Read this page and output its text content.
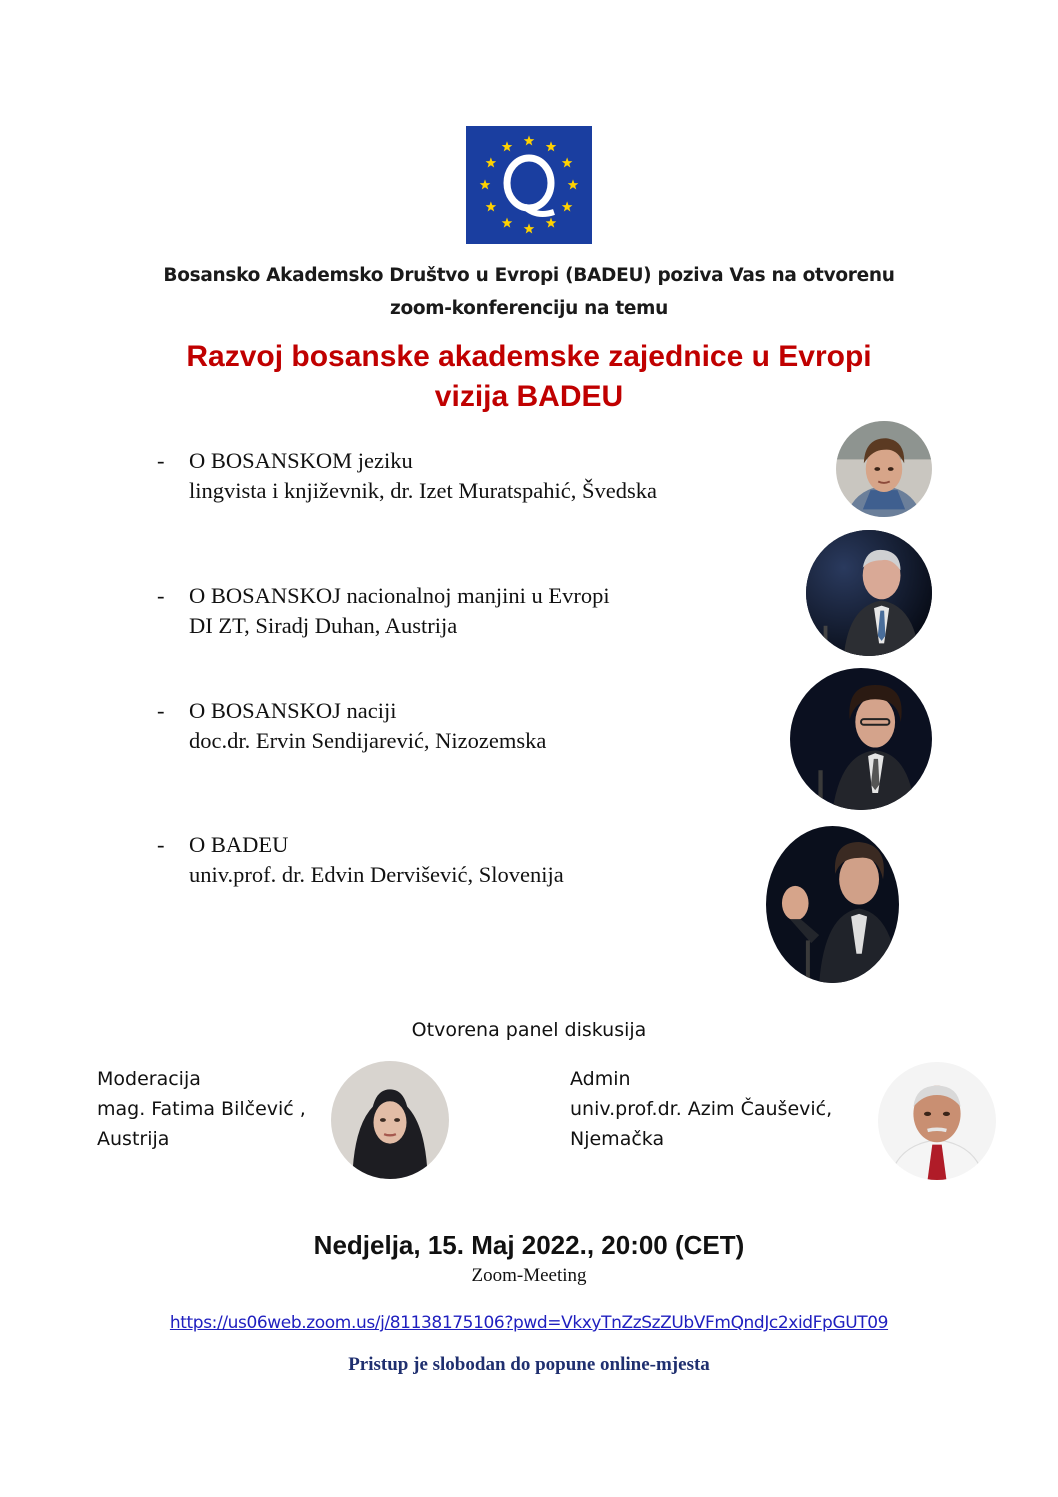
Bosansko Akademsko Društvo u Evropi (BADEU) poziva Vas na otvorenu
zoom-konferenciju na temu
Razvoj bosanske akademske zajednice u Evropi
vizija BADEU
- O BOSANSKOM jeziku
lingvista i književnik, dr. Izet Muratspahić, Švedska
- O BOSANSKOJ nacionalnoj manjini u Evropi
DI ZT, Siradj Duhan, Austrija
- O BOSANSKOJ naciji
doc.dr. Ervin Sendijarević, Nizozemska
- O BADEU
univ.prof. dr. Edvin Dervišević, Slovenija
Otvorena panel diskusija
Moderacija
mag. Fatima Bilčević ,
Austrija
Admin
univ.prof.dr. Azim Čaušević,
Njemačka
Nedjelja, 15. Maj 2022., 20:00 (CET)
Zoom-Meeting
https://us06web.zoom.us/j/81138175106?pwd=VkxyTnZzSzZUbVFmQndJc2xidFpGUT09
Pristup je slobodan do popune online-mjesta
